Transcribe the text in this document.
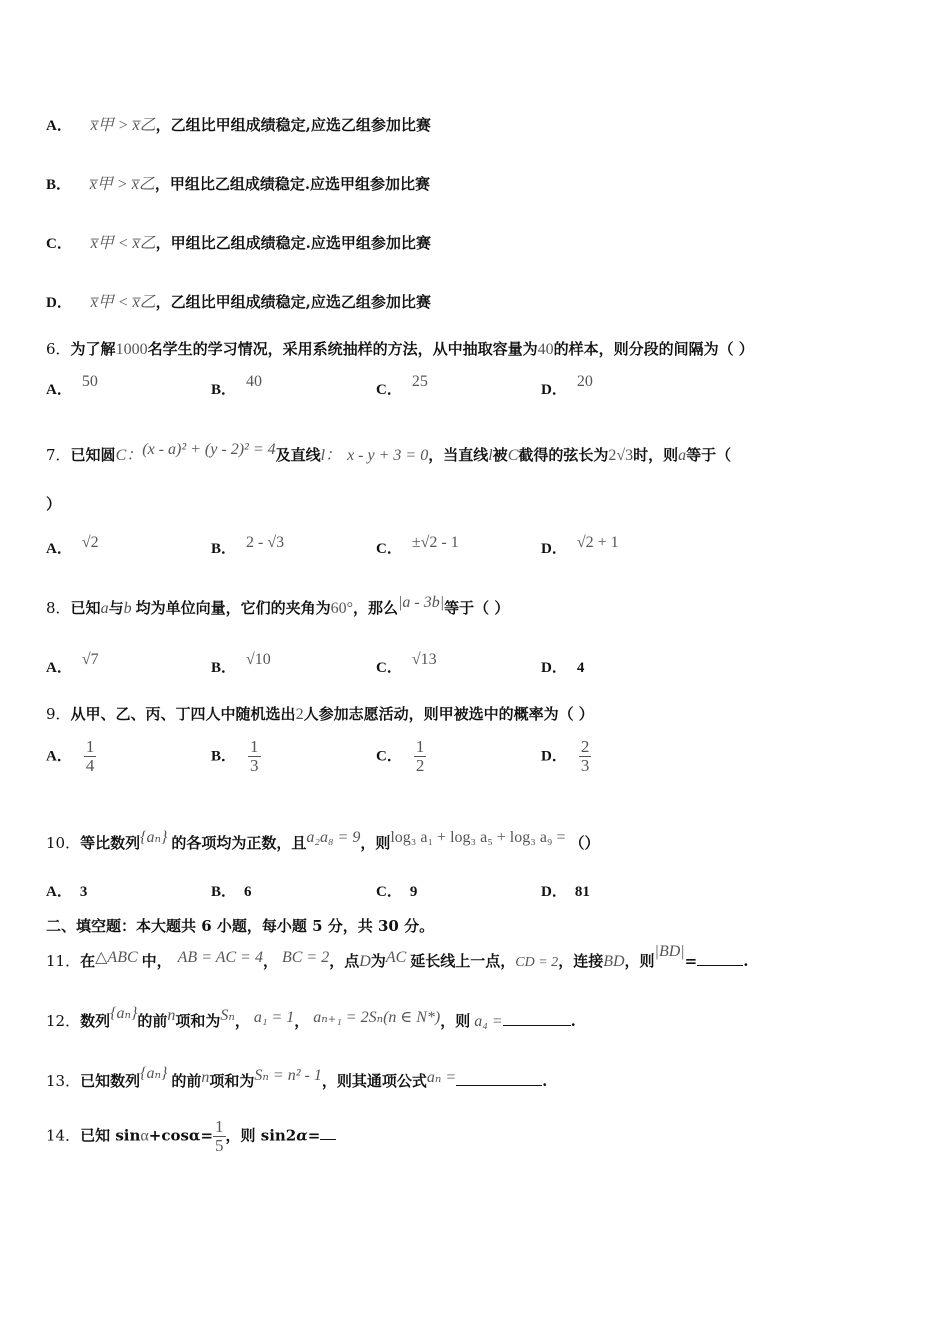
A． x̅甲 > x̅乙，乙组比甲组成绩稳定,应选乙组参加比赛
B． x̅甲 > x̅乙，甲组比乙组成绩稳定.应选甲组参加比赛
C． x̅甲 < x̅乙，甲组比乙组成绩稳定.应选甲组参加比赛
D． x̅甲 < x̅乙，乙组比甲组成绩稳定,应选乙组参加比赛
6．为了解1000名学生的学习情况，采用系统抽样的方法，从中抽取容量为40的样本，则分段的间隔为（ ）
A． 50	B． 40	C． 25	D． 20
7．已知圆C：(x - a)² + (y - 2)² = 4及直线l： x - y + 3 = 0，当直线l被C截得的弦长为2√3时，则a等于（
）
A． √2	B． 2 - √3	C． ±√2 - 1	D． √2 + 1
8．已知a与b 均为单位向量，它们的夹角为60°，那么|a - 3b|等于（ ）
A． √7	B． √10	C． √13	D． 4
9．从甲、乙、丙、丁四人中随机选出2人参加志愿活动，则甲被选中的概率为（ ）
A． $\frac{1}{4}$	B． $\frac{1}{3}$	C． $\frac{1}{2}$	D． $\frac{2}{3}$
10．等比数列{aₙ} 的各项均为正数，且a₂a₈ = 9，则log₃ a₁ + log₃ a₅ + log₃ a₉ = （）
A． 3	B． 6	C． 9	D． 81
二、填空题：本大题共 6 小题，每小题 5 分，共 30 分。
11．在△ABC 中， AB = AC = 4， BC = 2，点D为AC 延长线上一点，CD = 2，连接BD，则|BD|=	.
12．数列{aₙ}的前n项和为Sₙ， a₁ = 1， aₙ₊₁ = 2Sₙ(n ∈ N*)，则 a₄ =	.
13．已知数列{aₙ} 的前n项和为Sₙ = n² - 1，则其通项公式aₙ =	.
14．已知 $\sin\alpha+\cos\alpha= \frac{1}{5}$ ，则 sin2α=
